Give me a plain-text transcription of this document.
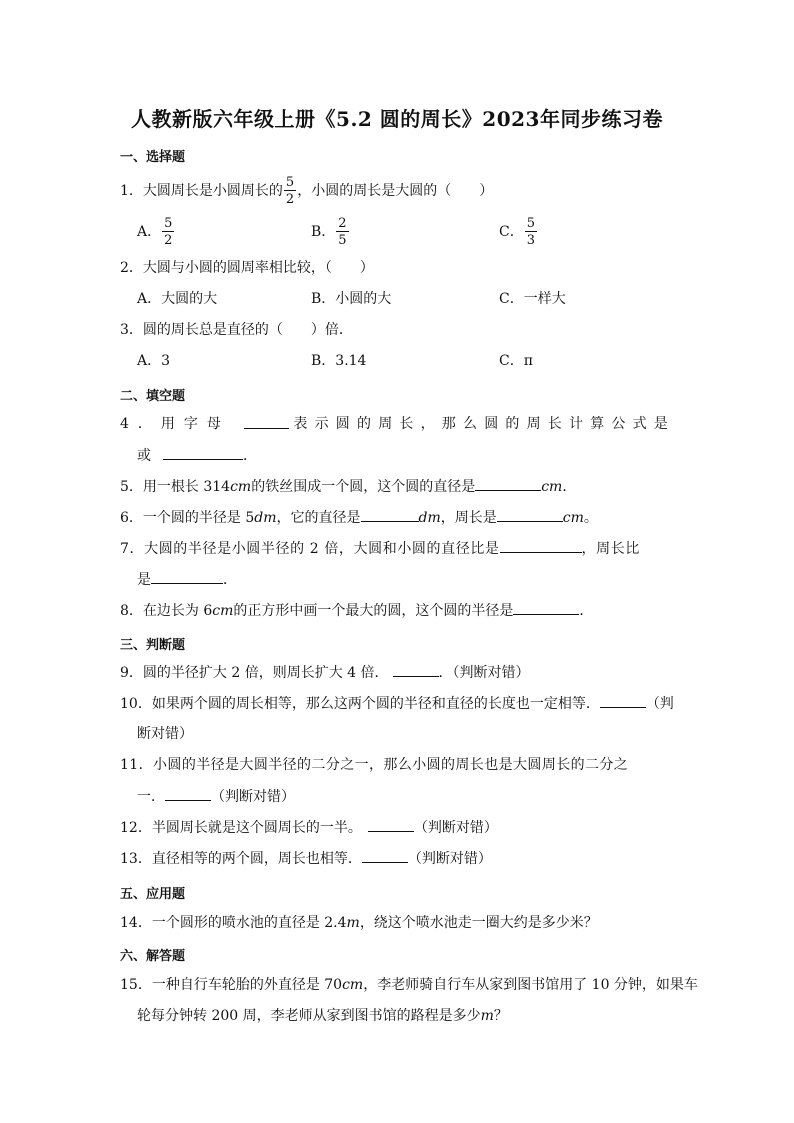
人教新版六年级上册《5.2 圆的周长》2023年同步练习卷
一、选择题
1．大圆周长是小圆周长的 $\frac{5}{2}$ ，小圆的周长是大圆的（　　）
A． $\frac{5}{2}$	B． $\frac{2}{5}$	C． $\frac{5}{3}$
2．大圆与小圆的圆周率相比较，（　　）
A．大圆的大	B．小圆的大	C．一样大
3．圆的周长总是直径的（　　）倍．
A．3	B．3.14	C．π
二、填空题
4．用字母	表示圆的周长，那么圆的周长计算公式是
或	．
5．用一根长 314cm的铁丝围成一个圆，这个圆的直径是	cm．
6．一个圆的半径是 5dm，它的直径是	dm，周长是	cm。
7．大圆的半径是小圆半径的 2 倍，大圆和小圆的直径比是	，周长比
是	．
8．在边长为 6cm的正方形中画一个最大的圆，这个圆的半径是	．
三、判断题
9．圆的半径扩大 2 倍，则周长扩大 4 倍．	．（判断对错）
10．如果两个圆的周长相等，那么这两个圆的半径和直径的长度也一定相等．	（判
断对错）
11．小圆的半径是大圆半径的二分之一，那么小圆的周长也是大圆周长的二分之
一．	（判断对错）
12．半圆周长就是这个圆周长的一半。	（判断对错）
13．直径相等的两个圆，周长也相等．	（判断对错）
五、应用题
14．一个圆形的喷水池的直径是 2.4m，绕这个喷水池走一圈大约是多少米？
六、解答题
15．一种自行车轮胎的外直径是 70cm，李老师骑自行车从家到图书馆用了 10 分钟，如果车
轮每分钟转 200 周，李老师从家到图书馆的路程是多少m？
